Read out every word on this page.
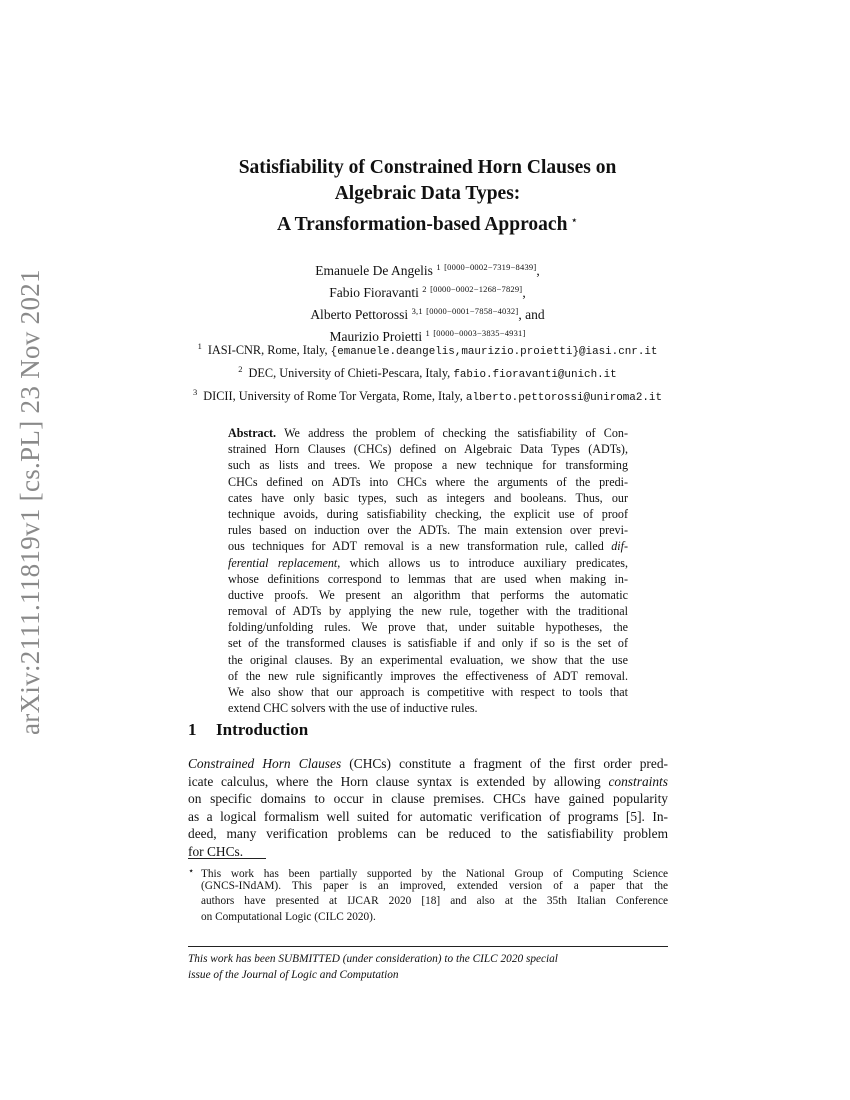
arXiv:2111.11819v1 [cs.PL] 23 Nov 2021
Satisfiability of Constrained Horn Clauses on
Algebraic Data Types:
A Transformation-based Approach ⋆
Emanuele De Angelis $^1$ [0000−0002−7319−8439],
Fabio Fioravanti $^2$ [0000−0002−1268−7829],
Alberto Pettorossi $^{3,1}$ [0000−0001−7858−4032], and
Maurizio Proietti $^1$ [0000−0003−3835−4931]
$^1$ IASI-CNR, Rome, Italy, {emanuele.deangelis,maurizio.proietti}@iasi.cnr.it
$^2$ DEC, University of Chieti-Pescara, Italy, fabio.fioravanti@unich.it
$^3$ DICII, University of Rome Tor Vergata, Rome, Italy, alberto.pettorossi@uniroma2.it
Abstract. We address the problem of checking the satisfiability of Con-
strained Horn Clauses (CHCs) defined on Algebraic Data Types (ADTs),
such as lists and trees. We propose a new technique for transforming
CHCs defined on ADTs into CHCs where the arguments of the predi-
cates have only basic types, such as integers and booleans. Thus, our
technique avoids, during satisfiability checking, the explicit use of proof
rules based on induction over the ADTs. The main extension over previ-
ous techniques for ADT removal is a new transformation rule, called dif-
ferential replacement, which allows us to introduce auxiliary predicates,
whose definitions correspond to lemmas that are used when making in-
ductive proofs. We present an algorithm that performs the automatic
removal of ADTs by applying the new rule, together with the traditional
folding/unfolding rules. We prove that, under suitable hypotheses, the
set of the transformed clauses is satisfiable if and only if so is the set of
the original clauses. By an experimental evaluation, we show that the use
of the new rule significantly improves the effectiveness of ADT removal.
We also show that our approach is competitive with respect to tools that
extend CHC solvers with the use of inductive rules.
1 Introduction
Constrained Horn Clauses (CHCs) constitute a fragment of the first order pred-
icate calculus, where the Horn clause syntax is extended by allowing constraints
on specific domains to occur in clause premises. CHCs have gained popularity
as a logical formalism well suited for automatic verification of programs [5]. In-
deed, many verification problems can be reduced to the satisfiability problem
for CHCs.
⋆ This work has been partially supported by the National Group of Computing Science
(GNCS-INdAM). This paper is an improved, extended version of a paper that the
authors have presented at IJCAR 2020 [18] and also at the 35th Italian Conference
on Computational Logic (CILC 2020).
This work has been SUBMITTED (under consideration) to the CILC 2020 special
issue of the Journal of Logic and Computation
